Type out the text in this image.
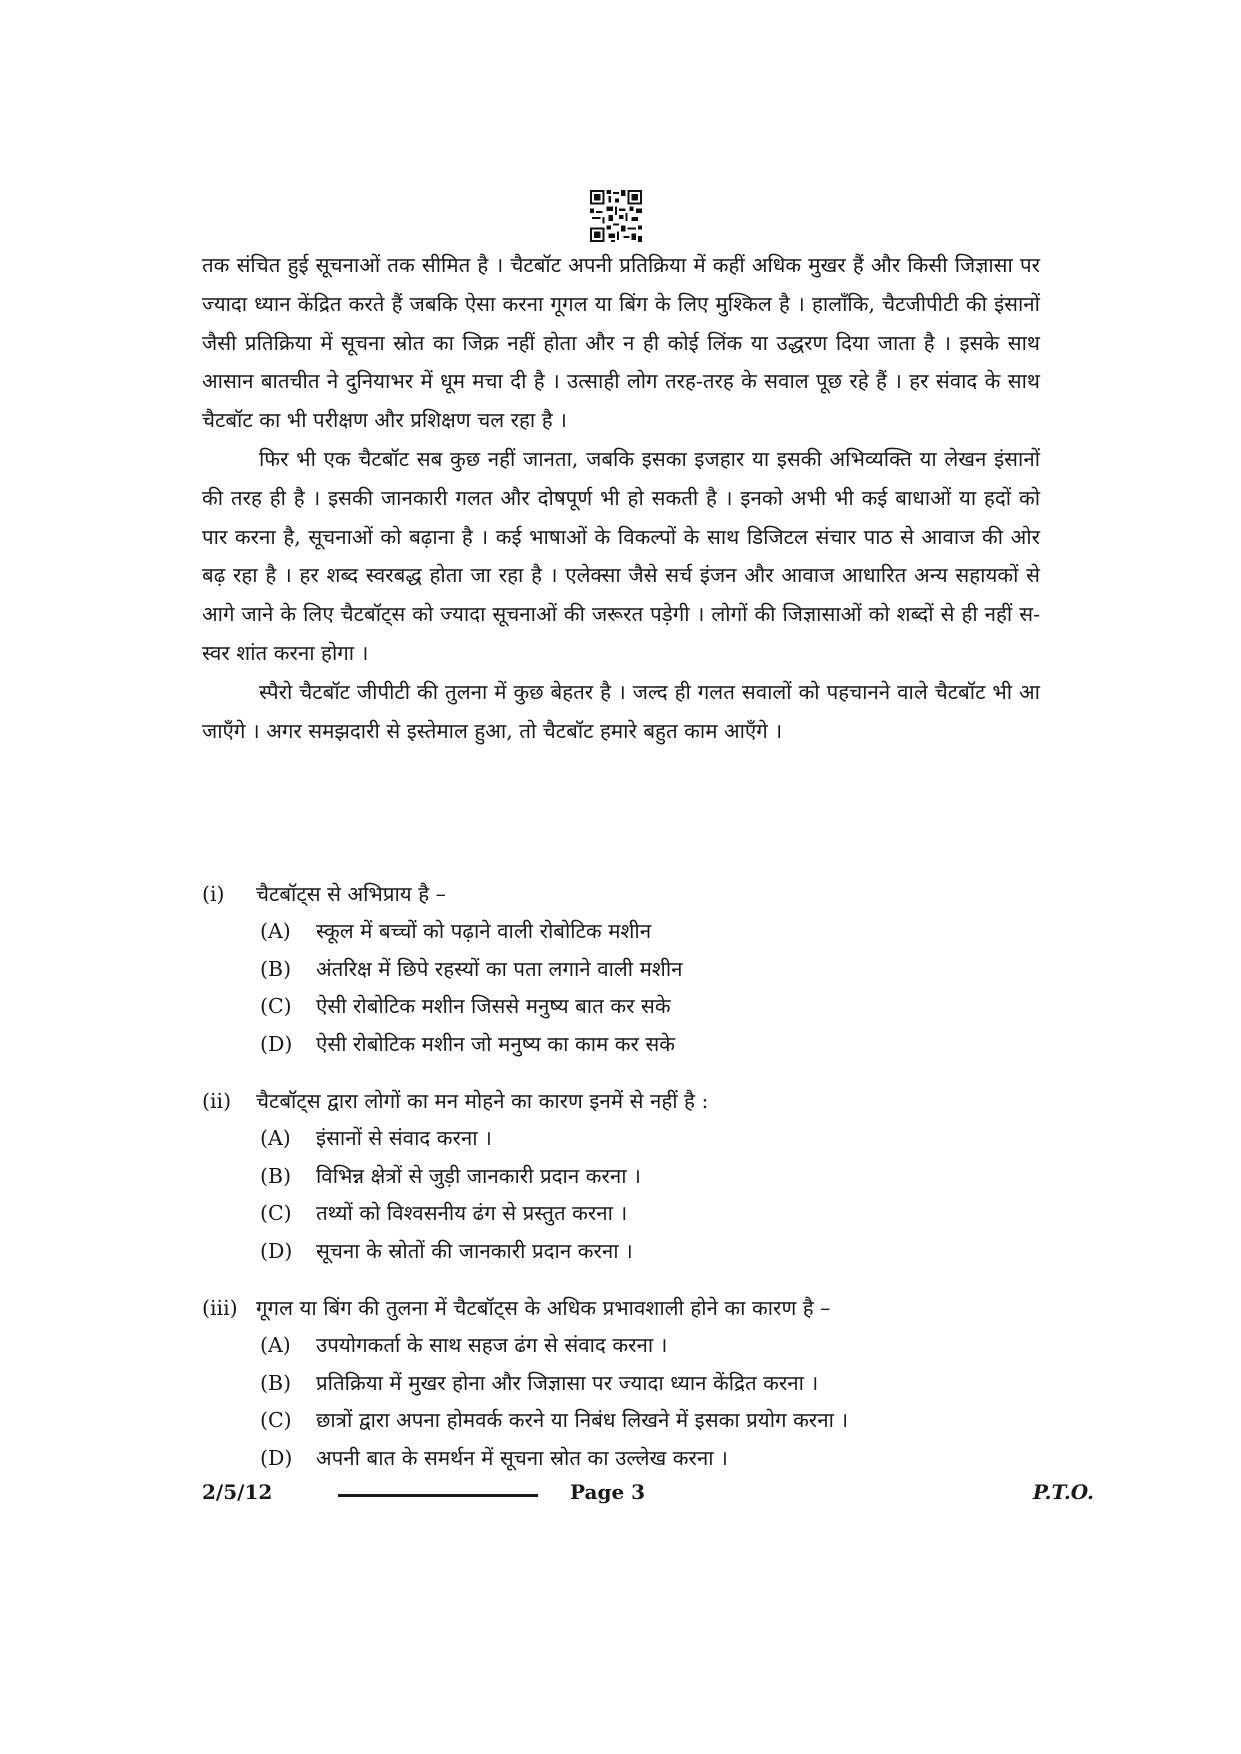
तक संचित हुई सूचनाओं तक सीमित है । चैटबॉट अपनी प्रतिक्रिया में कहीं अधिक मुखर हैं और किसी जिज्ञासा पर ज्यादा ध्यान केंद्रित करते हैं जबकि ऐसा करना गूगल या बिंग के लिए मुश्किल है । हालाँकि, चैटजीपीटी की इंसानों जैसी प्रतिक्रिया में सूचना स्रोत का जिक्र नहीं होता और न ही कोई लिंक या उद्धरण दिया जाता है । इसके साथ आसान बातचीत ने दुनियाभर में धूम मचा दी है । उत्साही लोग तरह-तरह के सवाल पूछ रहे हैं । हर संवाद के साथ चैटबॉट का भी परीक्षण और प्रशिक्षण चल रहा है ।

फिर भी एक चैटबॉट सब कुछ नहीं जानता, जबकि इसका इजहार या इसकी अभिव्यक्ति या लेखन इंसानों की तरह ही है । इसकी जानकारी गलत और दोषपूर्ण भी हो सकती है । इनको अभी भी कई बाधाओं या हदों को पार करना है, सूचनाओं को बढ़ाना है । कई भाषाओं के विकल्पों के साथ डिजिटल संचार पाठ से आवाज की ओर बढ़ रहा है । हर शब्द स्वरबद्ध होता जा रहा है । एलेक्सा जैसे सर्च इंजन और आवाज आधारित अन्य सहायकों से आगे जाने के लिए चैटबॉट्स को ज्यादा सूचनाओं की जरूरत पड़ेगी । लोगों की जिज्ञासाओं को शब्दों से ही नहीं स-स्वर शांत करना होगा ।

स्पैरो चैटबॉट जीपीटी की तुलना में कुछ बेहतर है । जल्द ही गलत सवालों को पहचानने वाले चैटबॉट भी आ जाएँगे । अगर समझदारी से इस्तेमाल हुआ, तो चैटबॉट हमारे बहुत काम आएँगे ।

(i)	चैटबॉट्स से अभिप्राय है –
(A)	स्कूल में बच्चों को पढ़ाने वाली रोबोटिक मशीन
(B)	अंतरिक्ष में छिपे रहस्यों का पता लगाने वाली मशीन
(C)	ऐसी रोबोटिक मशीन जिससे मनुष्य बात कर सके
(D)	ऐसी रोबोटिक मशीन जो मनुष्य का काम कर सके
(ii)	चैटबॉट्स द्वारा लोगों का मन मोहने का कारण इनमें से नहीं है :
(A)	इंसानों से संवाद करना ।
(B)	विभिन्न क्षेत्रों से जुड़ी जानकारी प्रदान करना ।
(C)	तथ्यों को विश्वसनीय ढंग से प्रस्तुत करना ।
(D)	सूचना के स्रोतों की जानकारी प्रदान करना ।
(iii) गूगल या बिंग की तुलना में चैटबॉट्स के अधिक प्रभावशाली होने का कारण है –
(A)	उपयोगकर्ता के साथ सहज ढंग से संवाद करना ।
(B)	प्रतिक्रिया में मुखर होना और जिज्ञासा पर ज्यादा ध्यान केंद्रित करना ।
(C)	छात्रों द्वारा अपना होमवर्क करने या निबंध लिखने में इसका प्रयोग करना ।
(D)	अपनी बात के समर्थन में सूचना स्रोत का उल्लेख करना ।
2/5/12	Page 3	P.T.O.
